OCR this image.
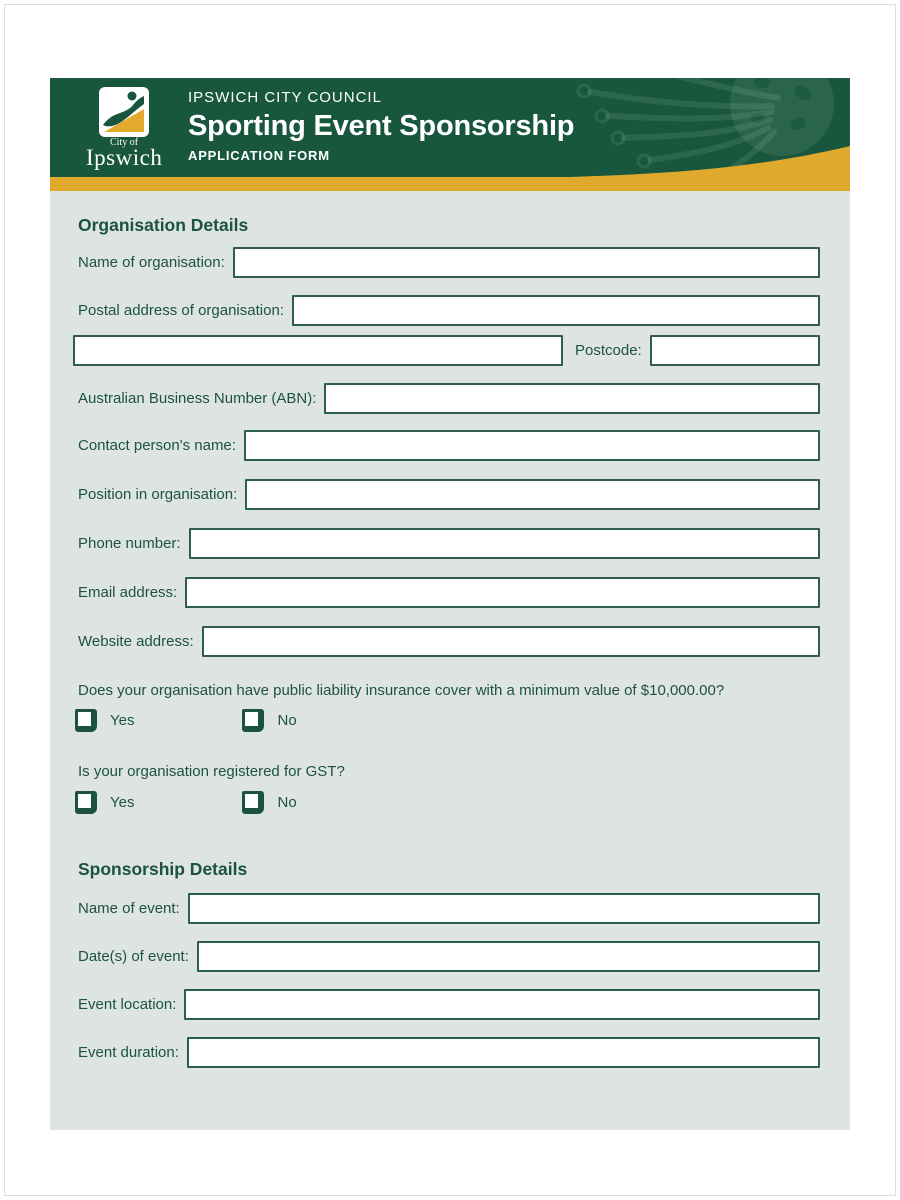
City of
Ipswich
IPSWICH CITY COUNCIL
Sporting Event Sponsorship
APPLICATION FORM
Organisation Details
Name of organisation:
Postal address of organisation:
Postcode:
Australian Business Number (ABN):
Contact person's name:
Position in organisation:
Phone number:
Email address:
Website address:
Does your organisation have public liability insurance cover with a minimum value of $10,000.00?
Yes	No
Is your organisation registered for GST?
Yes	No
Sponsorship Details
Name of event:
Date(s) of event:
Event location:
Event duration:
